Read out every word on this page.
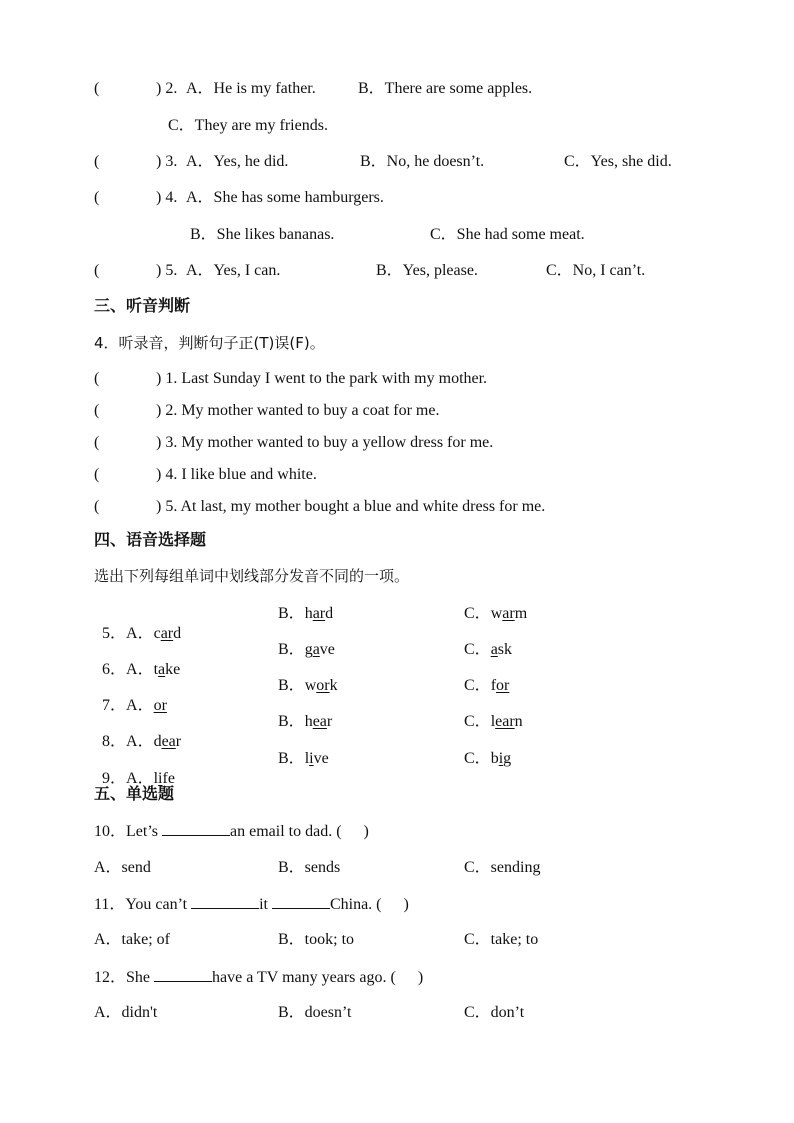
(	) 2. A．He is my father.	B．There are some apples.
C．They are my friends.
(	) 3. A．Yes, he did.	B．No, he doesn’t.	C．Yes, she did.
(	) 4. A．She has some hamburgers.
B．She likes bananas.	C．She had some meat.
(	) 5. A．Yes, I can.	B．Yes, please.	C．No, I can’t.
三、听音判断
4．听录音，判断句子正(T)误(F)。
(	) 1. Last Sunday I went to the park with my mother.
(	) 2. My mother wanted to buy a coat for me.
(	) 3. My mother wanted to buy a yellow dress for me.
(	) 4. I like blue and white.
(	) 5. At last, my mother bought a blue and white dress for me.
四、语音选择题
选出下列每组单词中划线部分发音不同的一项。

5．A．card

B．hard	C．warm

6．A．take

B．gave	C．ask

7．A．or

B．work	C．for

8．A．dear

B．hear	C．learn

9．A．life

B．live	C．big
五、单选题
10．Let’s	an email to dad. ( )
A．send	B．sends	C．sending
11．You can’t	it	China. ( )
A．take; of	B．took; to	C．take; to
12．She	have a TV many years ago. ( )
A．didn't	B．doesn’t	C．don’t
